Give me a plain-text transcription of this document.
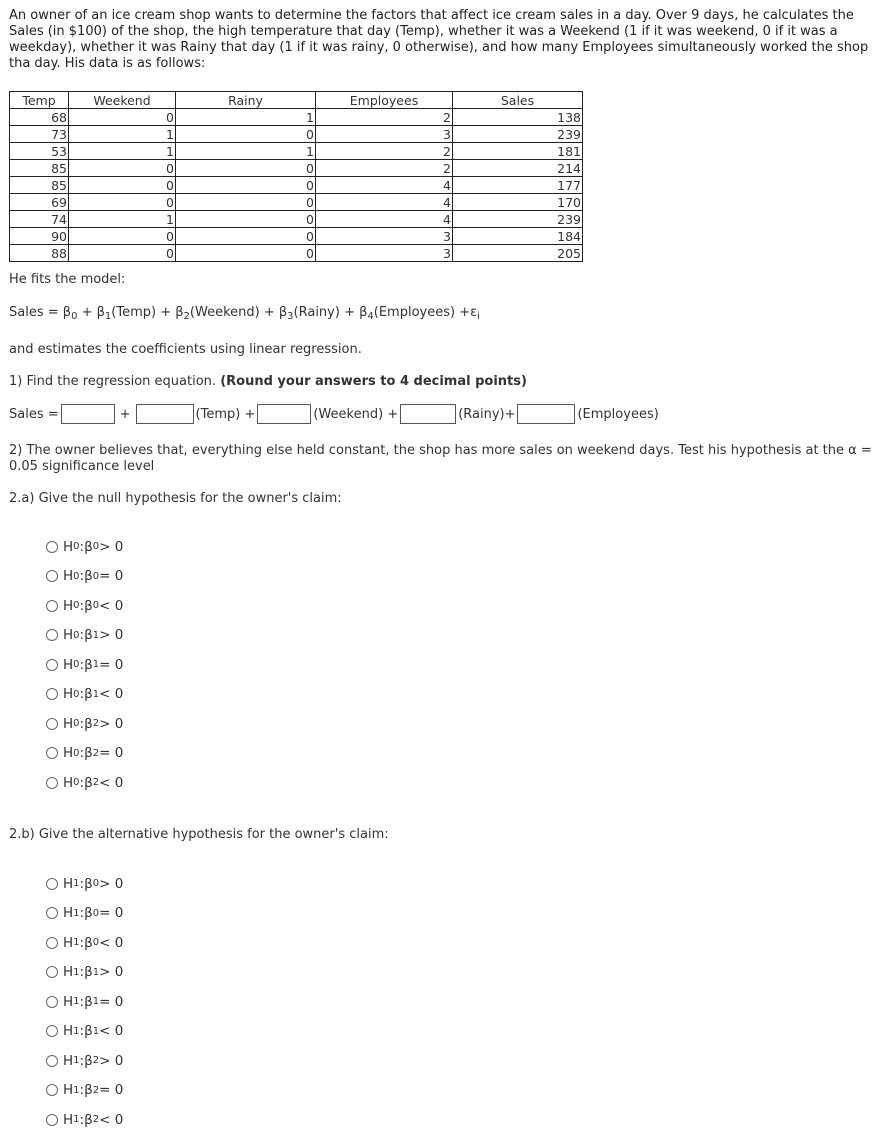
An owner of an ice cream shop wants to determine the factors that affect ice cream sales in a day. Over 9 days, he calculates the Sales (in $100) of the shop, the high temperature that day (Temp), whether it was a Weekend (1 if it was weekend, 0 if it was a weekday), whether it was Rainy that day (1 if it was rainy, 0 otherwise), and how many Employees simultaneously worked the shop tha day. His data is as follows:
Temp	Weekend	Rainy	Employees	Sales
68	0	1	2	138
73	1	0	3	239
53	1	1	2	181
85	0	0	2	214
85	0	0	4	177
69	0	0	4	170
74	1	0	4	239
90	0	0	3	184
88	0	0	3	205
He fits the model:
Sales = $\beta_0$ + $\beta_1(Temp)$ + $\beta_2(Weekend)$ + $\beta_3(Rainy)$ + $\beta_4(Employees) +\varepsilon_i$
and estimates the coefficients using linear regression.
1) Find the regression equation. (Round your answers to 4 decimal points)
Sales =	+	(Temp) +	(Weekend) +	(Rainy)+	(Employees)
2) The owner believes that, everything else held constant, the shop has more sales on weekend days. Test his hypothesis at the α = 0.05 significance level
2.a) Give the null hypothesis for the owner's claim:
H 0 : β 0 > 0
H 0 : β 0 = 0
H 0 : β 0 < 0
H 0 : β 1 > 0
H 0 : β 1 = 0
H 0 : β 1 < 0
H 0 : β 2 > 0
H 0 : β 2 = 0
H 0 : β 2 < 0
2.b) Give the alternative hypothesis for the owner's claim:
H 1 : β 0 > 0
H 1 : β 0 = 0
H 1 : β 0 < 0
H 1 : β 1 > 0
H 1 : β 1 = 0
H 1 : β 1 < 0
H 1 : β 2 > 0
H 1 : β 2 = 0
H 1 : β 2 < 0
